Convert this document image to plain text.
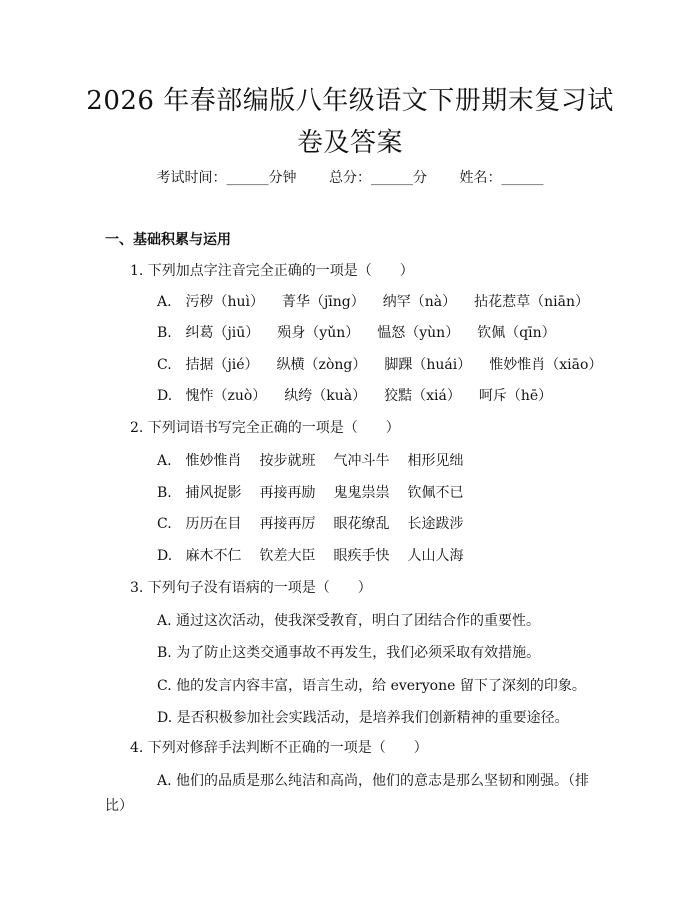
2026 年春部编版八年级语文下册期末复习试
卷及答案
考试时间：______分钟 总分：______分 姓名：______
一、基础积累与运用
1. 下列加点字注音完全正确的一项是（　　）
A. 污秽（huì） 菁华（jīng） 纳罕（nà） 拈花惹草（niān）
B. 纠葛（jiū） 殒身（yǔn） 愠怒（yùn） 钦佩（qīn）
C. 拮据（jié） 纵横（zòng） 脚踝（huái） 惟妙惟肖（xiāo）
D. 愧怍（zuò） 纨绔（kuà） 狡黠（xiá） 呵斥（hē）
2. 下列词语书写完全正确的一项是（　　）
A. 惟妙惟肖 按步就班 气冲斗牛 相形见绌
B. 捕风捉影 再接再励 鬼鬼祟祟 钦佩不已
C. 历历在目 再接再厉 眼花缭乱 长途跋涉
D. 麻木不仁 钦差大臣 眼疾手快 人山人海
3. 下列句子没有语病的一项是（　　）
A. 通过这次活动，使我深受教育，明白了团结合作的重要性。
B. 为了防止这类交通事故不再发生，我们必须采取有效措施。
C. 他的发言内容丰富，语言生动，给 everyone 留下了深刻的印象。
D. 是否积极参加社会实践活动，是培养我们创新精神的重要途径。
4. 下列对修辞手法判断不正确的一项是（　　）
A. 他们的品质是那么纯洁和高尚，他们的意志是那么坚韧和刚强。（排
比）
